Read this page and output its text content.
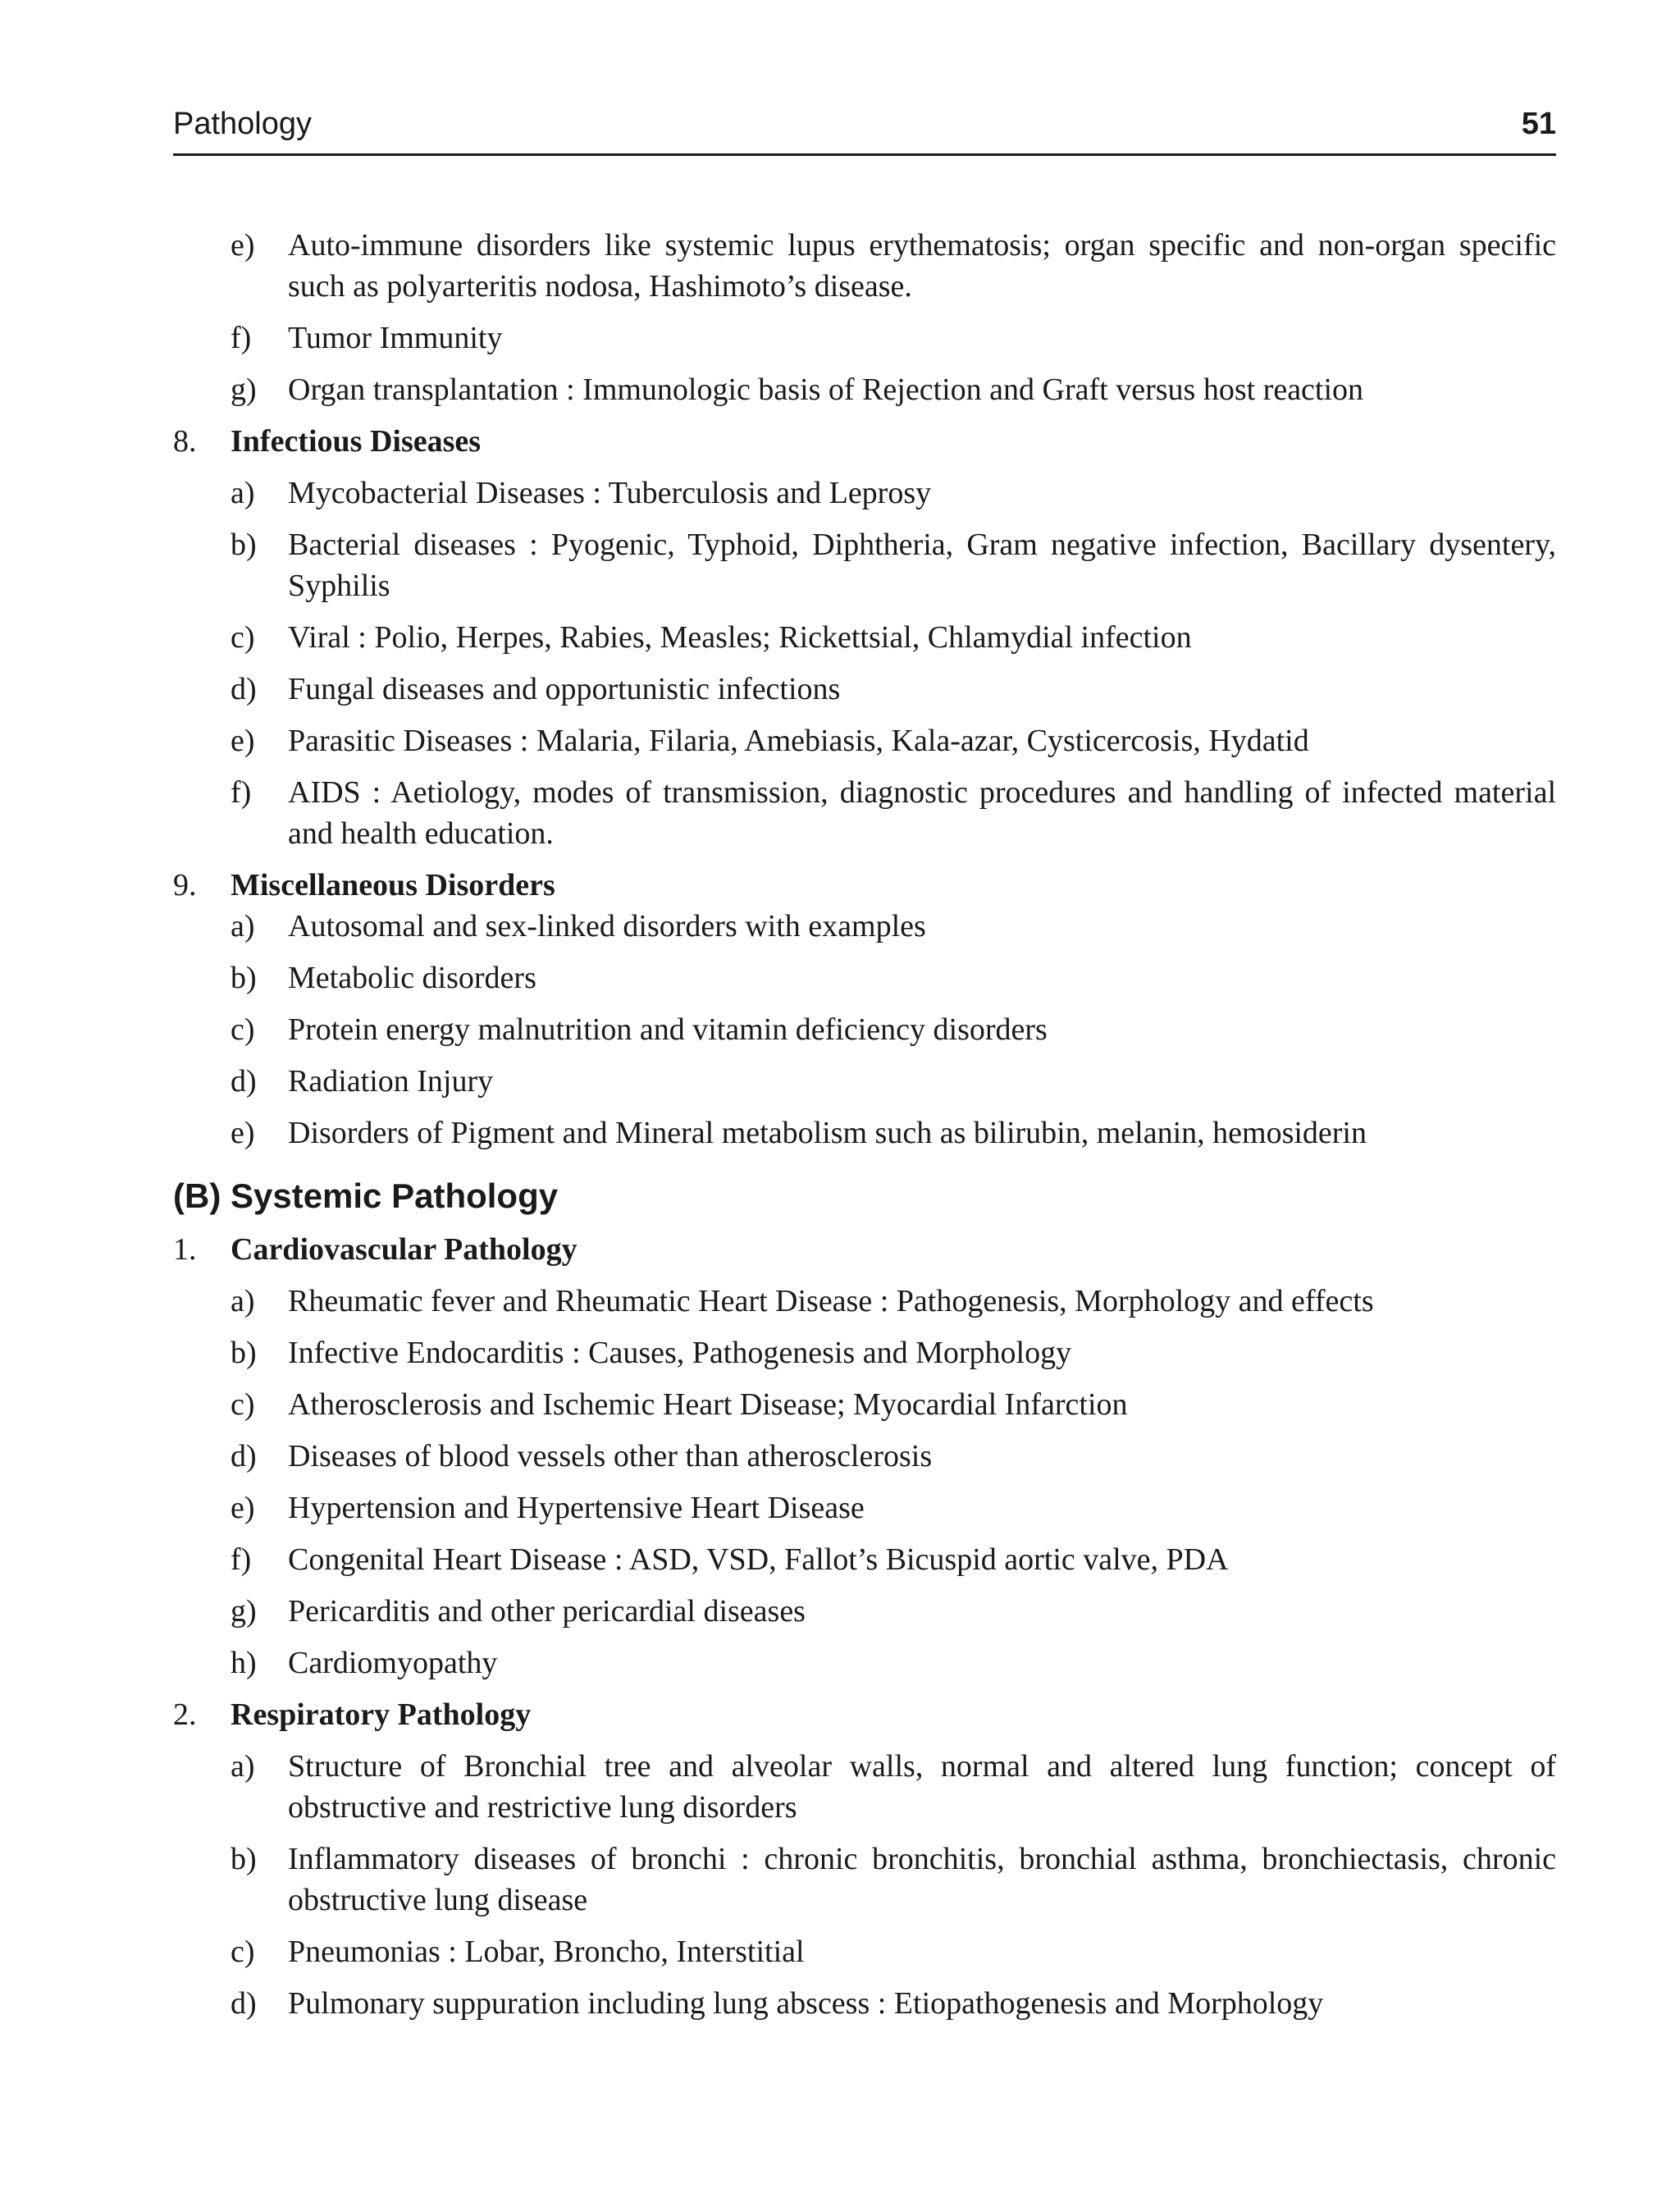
Pathology	51
e)	Auto-immune disorders like systemic lupus erythematosis; organ specific and non-organ specific such as polyarteritis nodosa, Hashimoto’s disease.
f)	Tumor Immunity
g)	Organ transplantation : Immunologic basis of Rejection and Graft versus host reaction
8.	Infectious Diseases
a)	Mycobacterial Diseases : Tuberculosis and Leprosy
b)	Bacterial diseases : Pyogenic, Typhoid, Diphtheria, Gram negative infection, Bacillary dysentery, Syphilis
c)	Viral : Polio, Herpes, Rabies, Measles; Rickettsial, Chlamydial infection
d)	Fungal diseases and opportunistic infections
e)	Parasitic Diseases : Malaria, Filaria, Amebiasis, Kala-azar, Cysticercosis, Hydatid
f)	AIDS : Aetiology, modes of transmission, diagnostic procedures and handling of infected material and health education.
9.	Miscellaneous Disorders
a)	Autosomal and sex-linked disorders with examples
b)	Metabolic disorders
c)	Protein energy malnutrition and vitamin deficiency disorders
d)	Radiation Injury
e)	Disorders of Pigment and Mineral metabolism such as bilirubin, melanin, hemosiderin
(B) Systemic Pathology
1.	Cardiovascular Pathology
a)	Rheumatic fever and Rheumatic Heart Disease : Pathogenesis, Morphology and effects
b)	Infective Endocarditis : Causes, Pathogenesis and Morphology
c)	Atherosclerosis and Ischemic Heart Disease; Myocardial Infarction
d)	Diseases of blood vessels other than atherosclerosis
e)	Hypertension and Hypertensive Heart Disease
f)	Congenital Heart Disease : ASD, VSD, Fallot’s Bicuspid aortic valve, PDA
g)	Pericarditis and other pericardial diseases
h)	Cardiomyopathy
2.	Respiratory Pathology
a)	Structure of Bronchial tree and alveolar walls, normal and altered lung function; concept of obstructive and restrictive lung disorders
b)	Inflammatory diseases of bronchi : chronic bronchitis, bronchial asthma, bronchiectasis, chronic obstructive lung disease
c)	Pneumonias : Lobar, Broncho, Interstitial
d)	Pulmonary suppuration including lung abscess : Etiopathogenesis and Morphology
